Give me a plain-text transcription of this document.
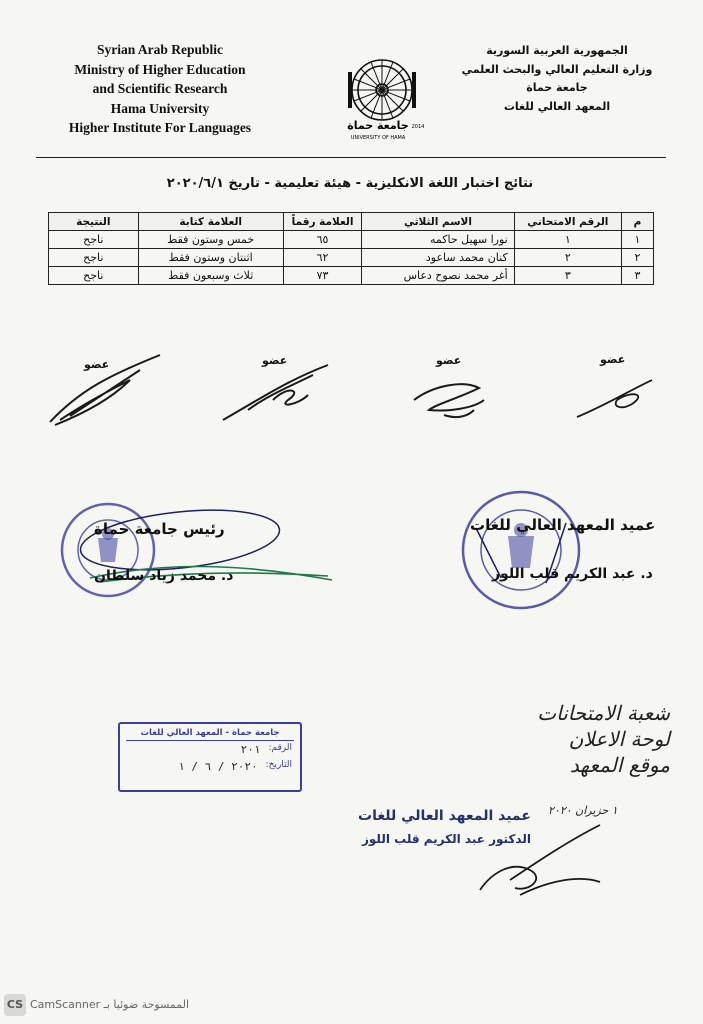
Syrian Arab Republic
Ministry of Higher Education
and Scientific Research
Hama University
Higher Institute For Languages	جامعة حماة
UNIVERSITY OF HAMA
2014
الجمهورية العربية السورية
وزارة التعليم العالي والبحث العلمي
جامعة حماة
المعهد العالي للغات
نتائج اختبار اللغة الانكليزية - هيئة تعليمية - تاريخ ٢٠٢٠/٦/١
م	الرقم الامتحاني	الاسم الثلاثي	العلامة رقماً	العلامة كتابة	النتيجة
١	١	نورا سهيل حاكمه	٦٥	خمس وستون فقط	ناجح
٢	٢	كنان محمد ساعود	٦٢	اثنتان وستون فقط	ناجح
٣	٣	أغر محمد نصوح دعاس	٧٣	ثلاث وسبعون فقط	ناجح
عضو	عضو	عضو	عضو
رئيس جامعة حماة
د. محمد زياد سلطان
عميد المعهد العالي للغات
د. عبد الكريم قلب اللوز
جامعة حماة - المعهد العالي للغات
الرقم:
٢٠١
التاريخ:
٢٠٢٠ / ٦ / ١
شعبة الامتحانات
لوحة الاعلان
موقع المعهد
١ حزيران ٢٠٢٠
عميد المعهد العالي للغات
الدكتور عبد الكريم قلب اللوز
CS الممسوحة ضوئيا بـ CamScanner
